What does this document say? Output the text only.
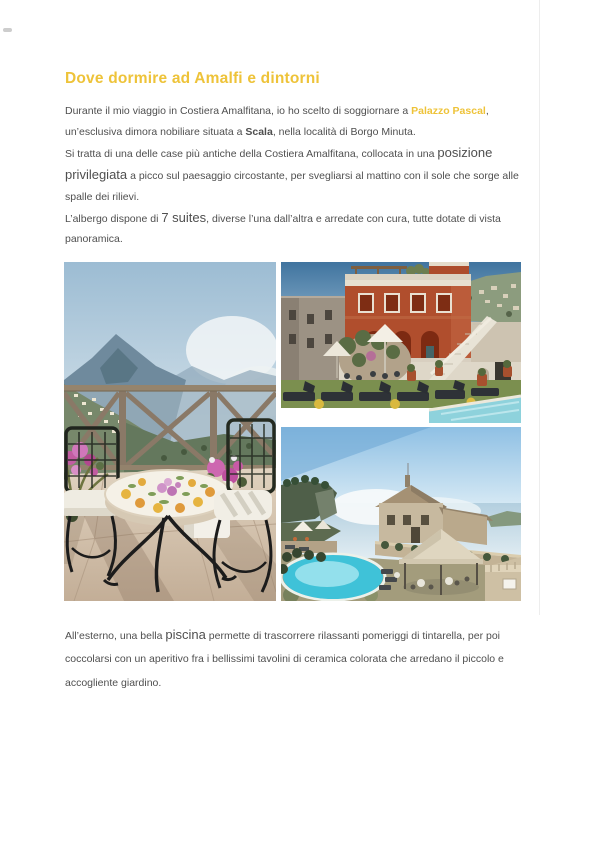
Dove dormire ad Amalfi e dintorni

Durante il mio viaggio in Costiera Amalfitana, io ho scelto di soggiornare a Palazzo Pascal,
un’esclusiva dimora nobiliare situata a Scala, nella località di Borgo Minuta.

Si tratta di una delle case più antiche della Costiera Amalfitana, collocata in una posizione
privilegiata a picco sul paesaggio circostante, per svegliarsi al mattino con il sole che sorge alle
spalle dei rilievi.

L’albergo dispone di 7 suites, diverse l’una dall’altra e arredate con cura, tutte dotate di vista
panoramica.

All’esterno, una bella piscina permette di trascorrere rilassanti pomeriggi di tintarella, per poi
coccolarsi con un aperitivo fra i bellissimi tavolini di ceramica colorata che arredano il piccolo e
accogliente giardino.
